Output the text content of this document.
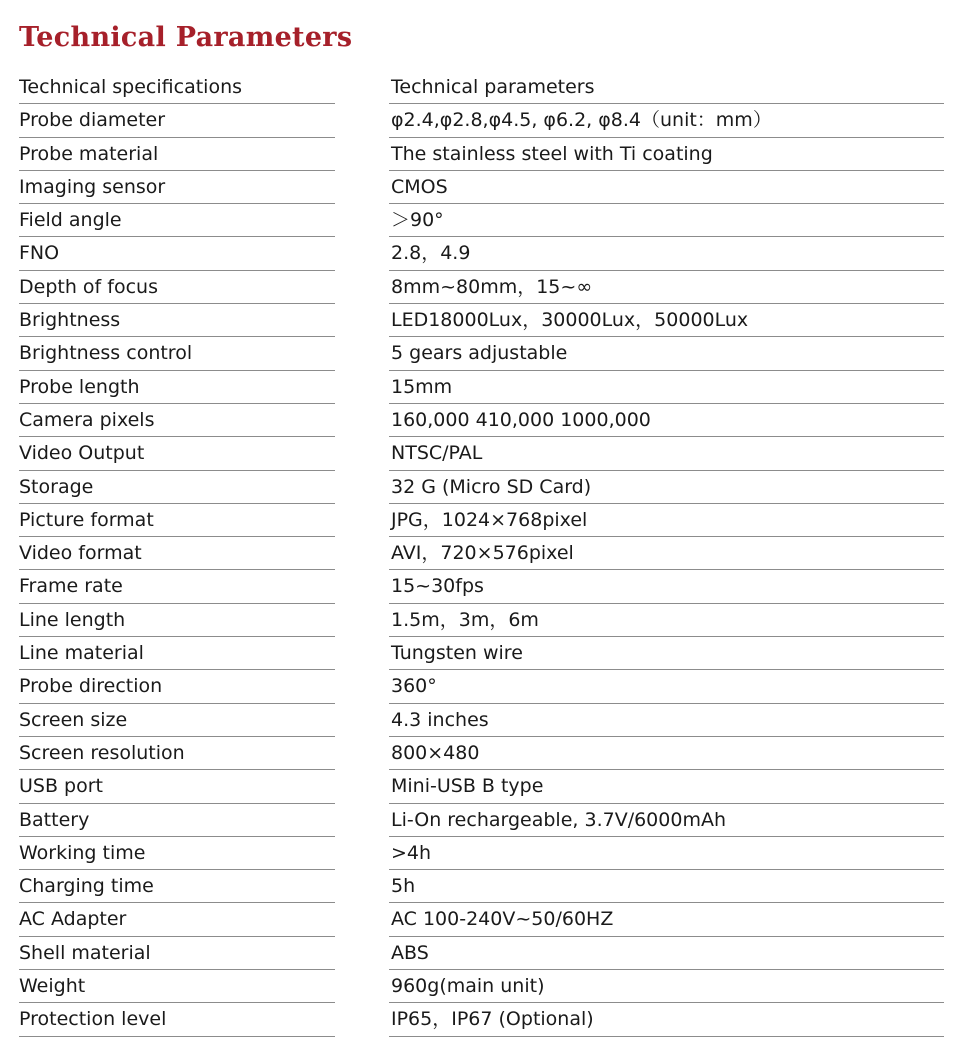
Technical Parameters
Technical specifications	Technical parameters
Probe diameter	φ2.4,φ2.8,φ4.5, φ6.2, φ8.4（unit：mm）
Probe material	The stainless steel with Ti coating
Imaging sensor	CMOS
Field angle	＞90°
FNO	2.8，4.9
Depth of focus	8mm~80mm，15~∞
Brightness	LED18000Lux，30000Lux，50000Lux
Brightness control	5 gears adjustable
Probe length	15mm
Camera pixels	160,000 410,000 1000,000
Video Output	NTSC/PAL
Storage	32 G (Micro SD Card)
Picture format	JPG，1024×768pixel
Video format	AVI，720×576pixel
Frame rate	15~30fps
Line length	1.5m，3m，6m
Line material	Tungsten wire
Probe direction	360°
Screen size	4.3 inches
Screen resolution	800×480
USB port	Mini-USB B type
Battery	Li-On rechargeable, 3.7V/6000mAh
Working time	>4h
Charging time	5h
AC Adapter	AC 100-240V~50/60HZ
Shell material	ABS
Weight	960g(main unit)
Protection level	IP65，IP67 (Optional)
